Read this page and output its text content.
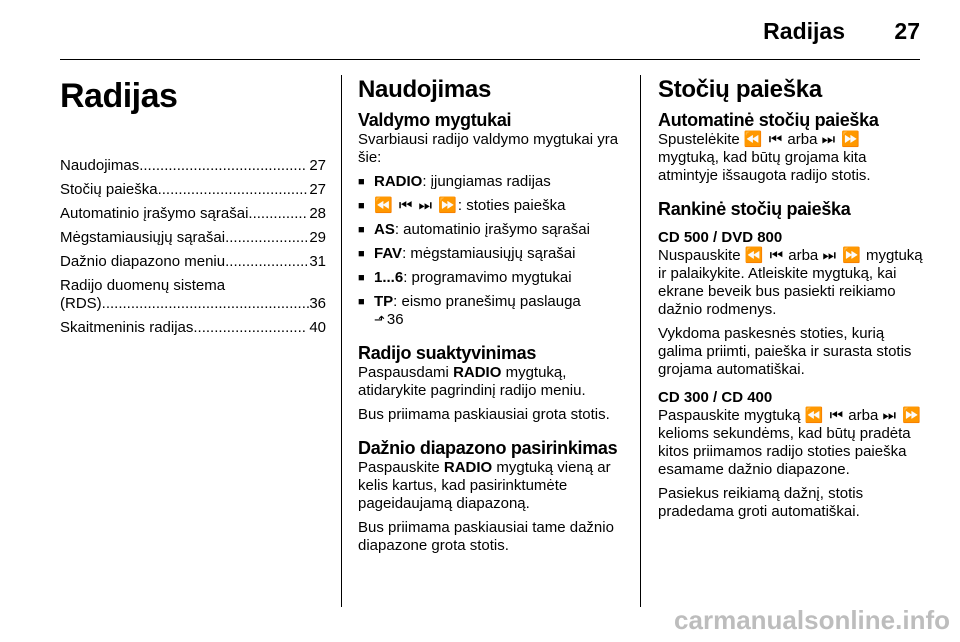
Radijas 27
Radijas
Naudojimas .....	27
Stočių paieška .....	27
Automatinio įrašymo sąrašai .....	28
Mėgstamiausiųjų sąrašai .....	29
Dažnio diapazono meniu .....	31
Radijo duomenų sistema
(RDS) .....	36
Skaitmeninis radijas .....	40
Naudojimas
Valdymo mygtukai

Svarbiausi radijo valdymo mygtukai yra šie:

■ RADIO: įjungiamas radijas
■ ⏪ ⏮ ⏭ ⏩: stoties paieška
■ AS: automatinio įrašymo sąrašai
■ FAV: mėgstamiausiųjų sąrašai
■ 1...6: programavimo mygtukai
■ TP: eismo pranešimų paslauga
⬏ 36
Radijo suaktyvinimas

Paspausdami RADIO mygtuką, atidarykite pagrindinį radijo meniu.

Bus priimama paskiausiai grota stotis.

Dažnio diapazono pasirinkimas

Paspauskite RADIO mygtuką vieną ar kelis kartus, kad pasirinktumėte pageidaujamą diapazoną.

Bus priimama paskiausiai tame dažnio diapazone grota stotis.

Stočių paieška
Automatinė stočių paieška

Spustelėkite ⏪ ⏮ arba ⏭ ⏩ mygtuką, kad būtų grojama kita atmintyje išsaugota radijo stotis.

Rankinė stočių paieška
CD 500 / DVD 800

Nuspauskite ⏪ ⏮ arba ⏭ ⏩ mygtuką ir palaikykite. Atleiskite mygtuką, kai ekrane beveik bus pasiekti reikiamo dažnio rodmenys.

Vykdoma paskesnės stoties, kurią galima priimti, paieška ir surasta stotis grojama automatiškai.

CD 300 / CD 400

Paspauskite mygtuką ⏪ ⏮ arba ⏭ ⏩ kelioms sekundėms, kad būtų pradėta kitos priimamos radijo stoties paieška esamame dažnio diapazone.

Pasiekus reikiamą dažnį, stotis pradedama groti automatiškai.

carmanualsonline.info
